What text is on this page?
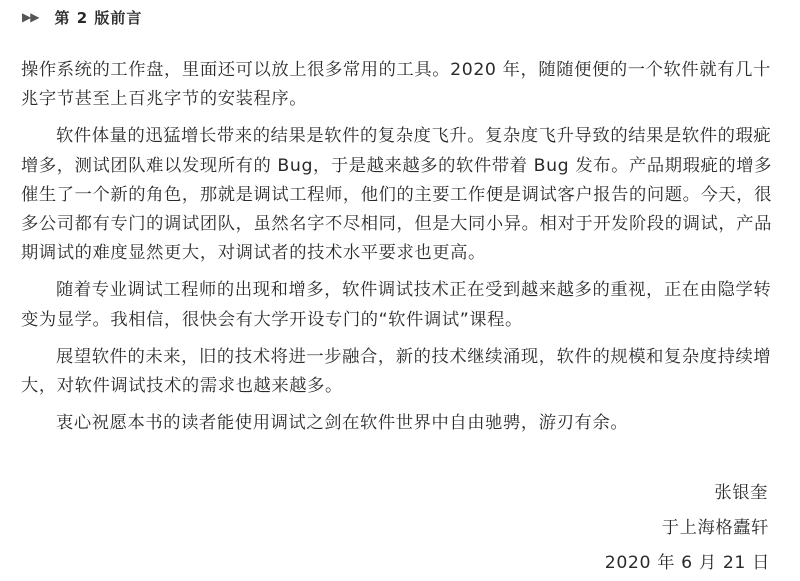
▶▶ 第 2 版前言

操作系统的工作盘，里面还可以放上很多常用的工具。2020 年，随随便便的一个软件就有几十兆字节甚至上百兆字节的安装程序。

软件体量的迅猛增长带来的结果是软件的复杂度飞升。复杂度飞升导致的结果是软件的瑕疵增多，测试团队难以发现所有的 Bug，于是越来越多的软件带着 Bug 发布。产品期瑕疵的增多催生了一个新的角色，那就是调试工程师，他们的主要工作便是调试客户报告的问题。今天，很多公司都有专门的调试团队，虽然名字不尽相同，但是大同小异。相对于开发阶段的调试，产品期调试的难度显然更大，对调试者的技术水平要求也更高。

随着专业调试工程师的出现和增多，软件调试技术正在受到越来越多的重视，正在由隐学转变为显学。我相信，很快会有大学开设专门的“软件调试”课程。

展望软件的未来，旧的技术将进一步融合，新的技术继续涌现，软件的规模和复杂度持续增大，对软件调试技术的需求也越来越多。

衷心祝愿本书的读者能使用调试之剑在软件世界中自由驰骋，游刃有余。

张银奎
于上海格蠹轩
2020 年 6 月 21 日
